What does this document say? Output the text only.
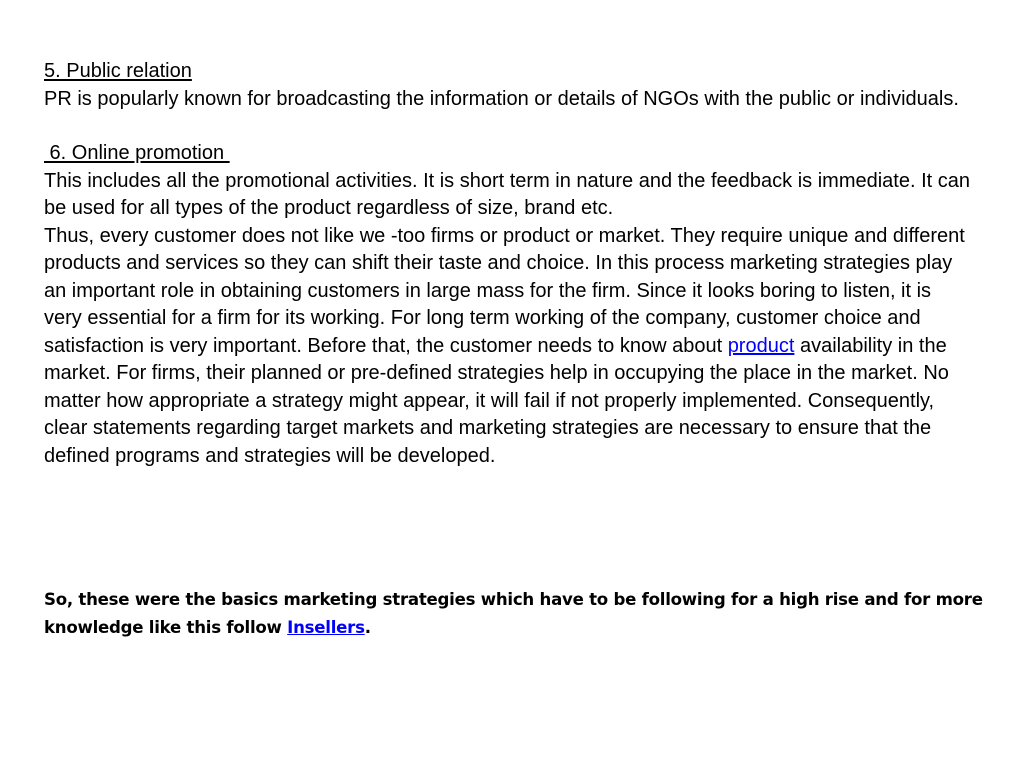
5. Public relation

PR is popularly known for broadcasting the information or details of NGOs with the public or individuals.

6. Online promotion

This includes all the promotional activities. It is short term in nature and the feedback is immediate. It can be used for all types of the product regardless of size, brand etc.

Thus, every customer does not like we -too firms or product or market. They require unique and different products and services so they can shift their taste and choice. In this process marketing strategies play an important role in obtaining customers in large mass for the firm. Since it looks boring to listen, it is very essential for a firm for its working. For long term working of the company, customer choice and satisfaction is very important. Before that, the customer needs to know about product availability in the market. For firms, their planned or pre-defined strategies help in occupying the place in the market. No matter how appropriate a strategy might appear, it will fail if not properly implemented. Consequently, clear statements regarding target markets and marketing strategies are necessary to ensure that the defined programs and strategies will be developed.

So, these were the basics marketing strategies which have to be following for a high rise and for more knowledge like this follow Insellers.
